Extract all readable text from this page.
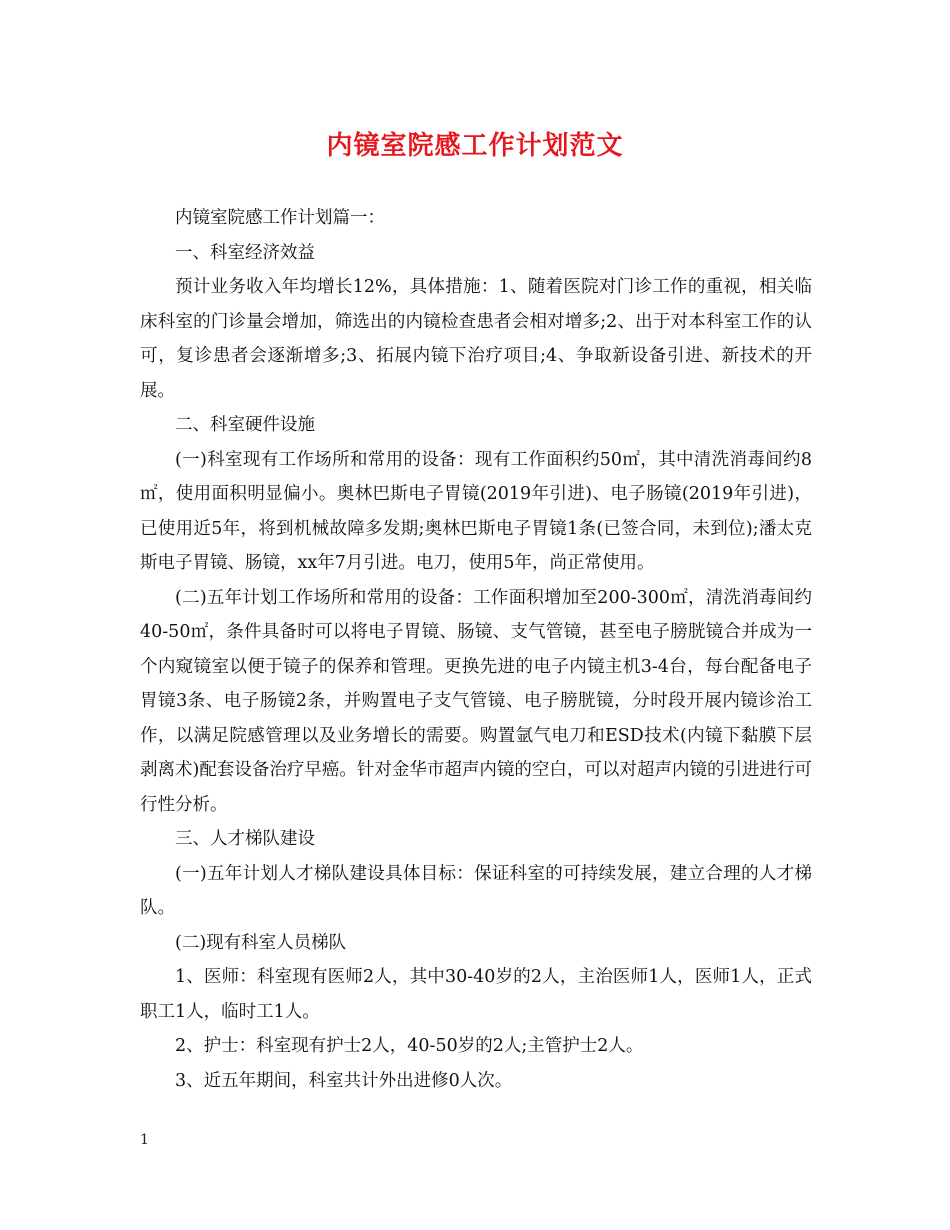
内镜室院感工作计划范文

内镜室院感工作计划篇一：

一、科室经济效益

预计业务收入年均增长12%，具体措施：1、随着医院对门诊工作的重视，相关临床科室的门诊量会增加，筛选出的内镜检查患者会相对增多;2、出于对本科室工作的认可，复诊患者会逐渐增多;3、拓展内镜下治疗项目;4、争取新设备引进、新技术的开展。

二、科室硬件设施

(一)科室现有工作场所和常用的设备：现有工作面积约50㎡，其中清洗消毒间约8㎡，使用面积明显偏小。奥林巴斯电子胃镜(2019年引进)、电子肠镜(2019年引进)，已使用近5年，将到机械故障多发期;奥林巴斯电子胃镜1条(已签合同，未到位);潘太克斯电子胃镜、肠镜，xx年7月引进。电刀，使用5年，尚正常使用。

(二)五年计划工作场所和常用的设备：工作面积增加至200-300㎡，清洗消毒间约40-50㎡，条件具备时可以将电子胃镜、肠镜、支气管镜，甚至电子膀胱镜合并成为一个内窥镜室以便于镜子的保养和管理。更换先进的电子内镜主机3-4台，每台配备电子胃镜3条、电子肠镜2条，并购置电子支气管镜、电子膀胱镜，分时段开展内镜诊治工作，以满足院感管理以及业务增长的需要。购置氩气电刀和ESD技术(内镜下黏膜下层剥离术)配套设备治疗早癌。针对金华市超声内镜的空白，可以对超声内镜的引进进行可行性分析。

三、人才梯队建设

(一)五年计划人才梯队建设具体目标：保证科室的可持续发展，建立合理的人才梯队。

(二)现有科室人员梯队

1、医师：科室现有医师2人，其中30-40岁的2人，主治医师1人，医师1人，正式职工1人，临时工1人。

2、护士：科室现有护士2人，40-50岁的2人;主管护士2人。

3、近五年期间，科室共计外出进修0人次。

1
